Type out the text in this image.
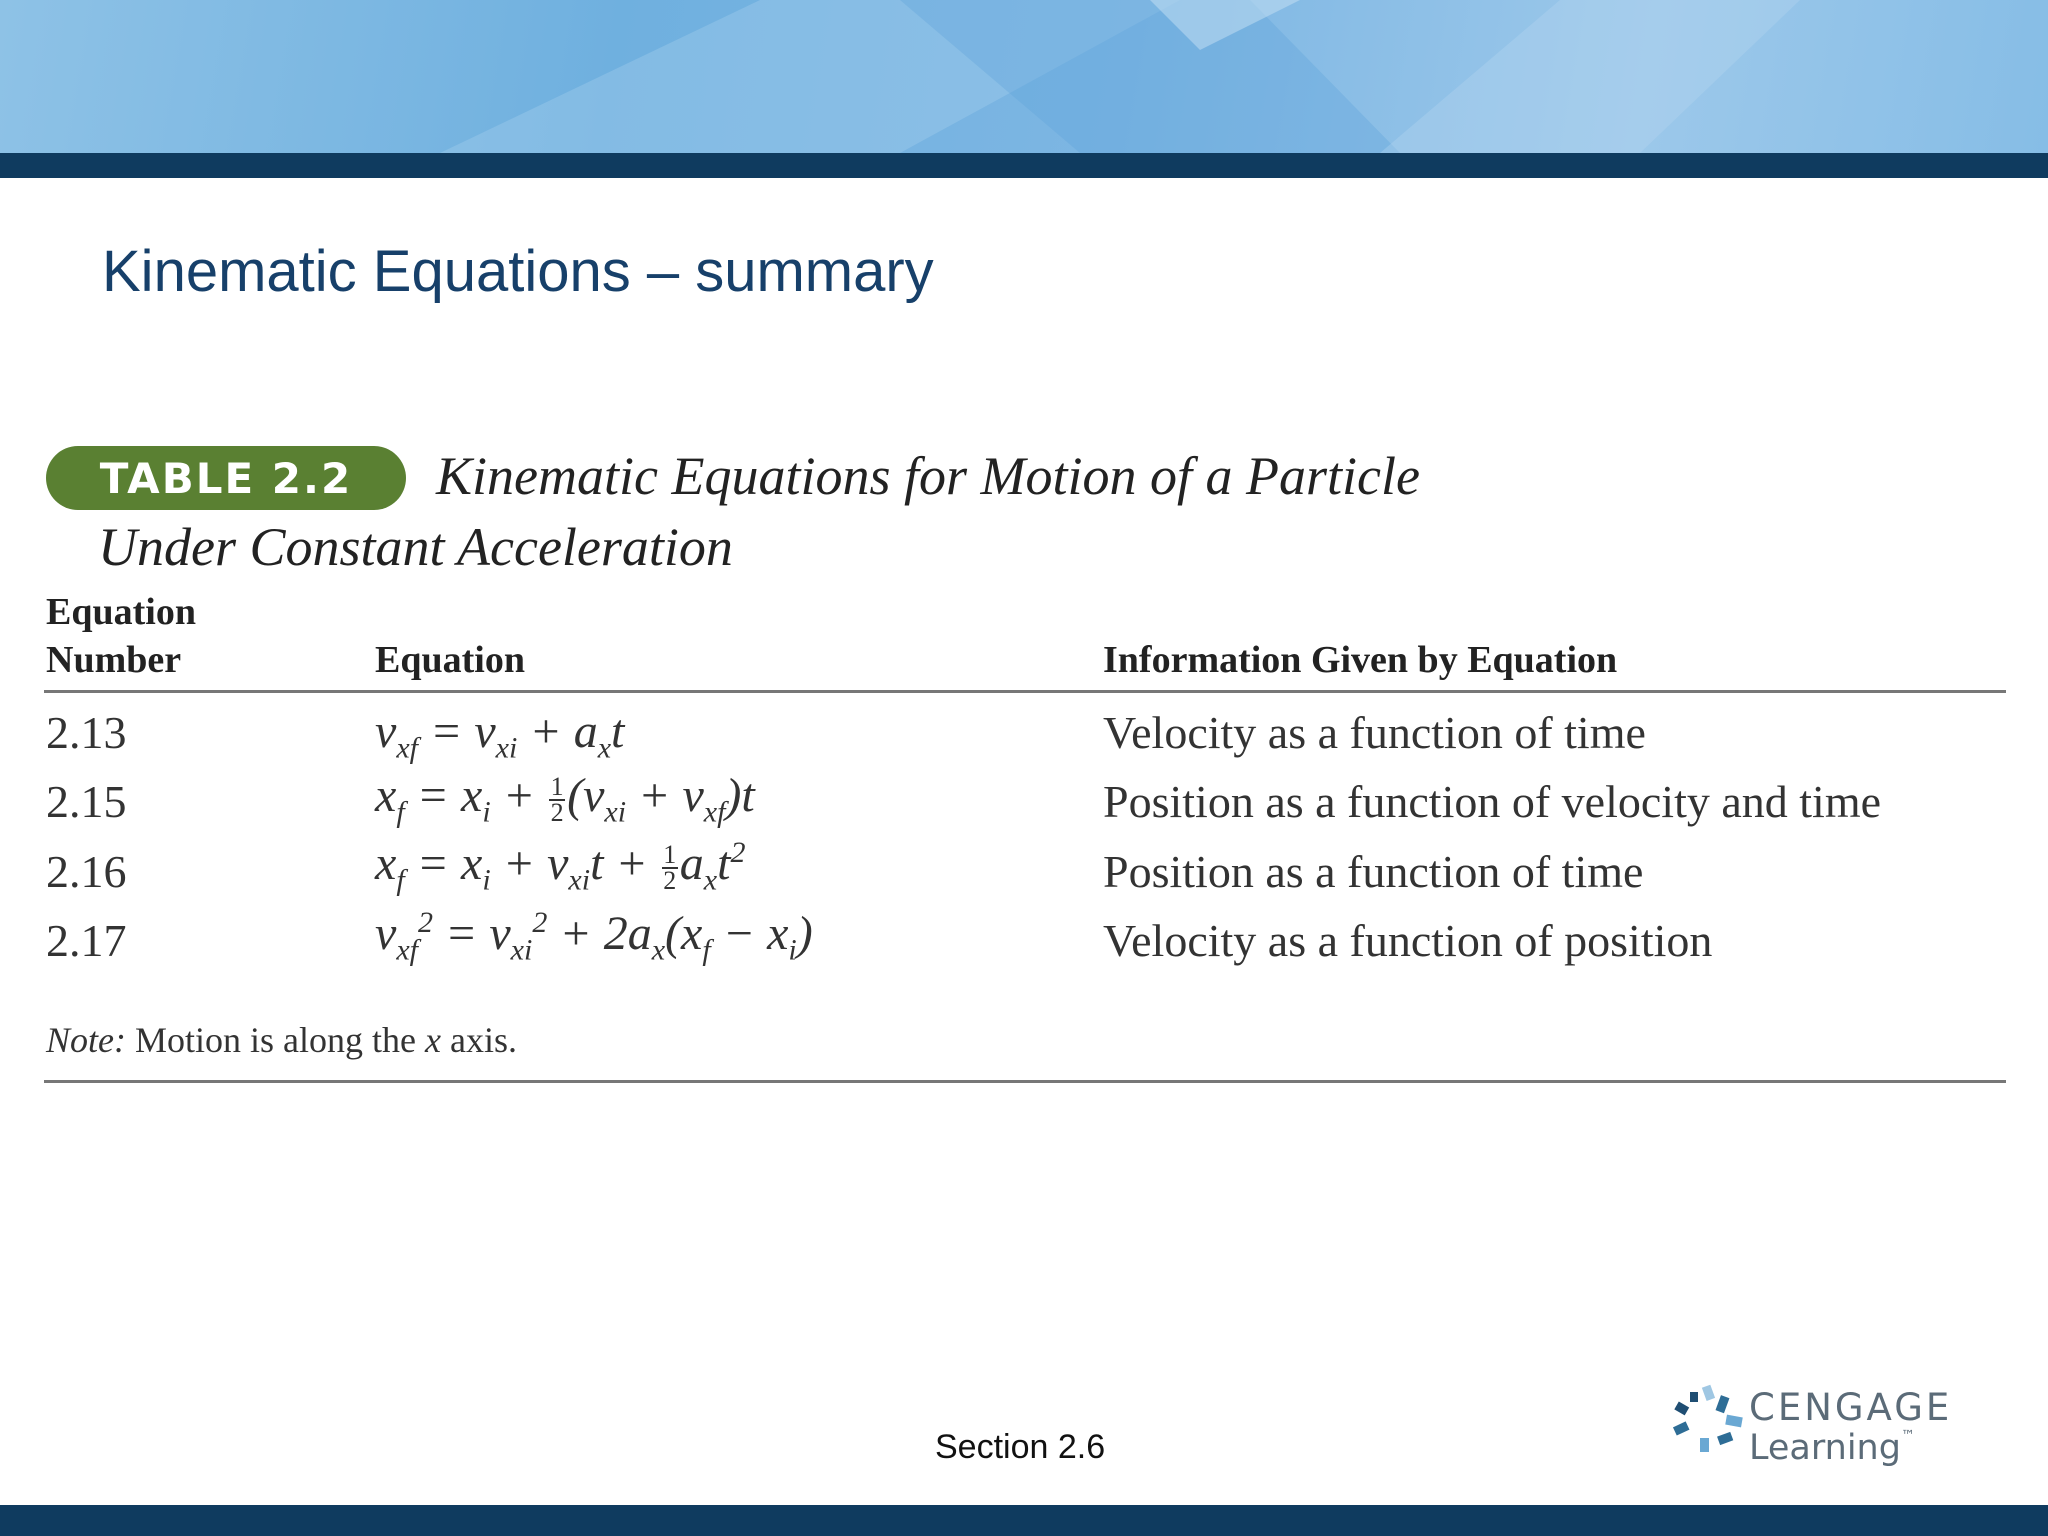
Kinematic Equations – summary
TABLE 2.2	Kinematic Equations for Motion of a Particle
Under Constant Acceleration
Equation
Number	Equation	Information Given by Equation
2.13	$v_{xf} = v_{xi} + a_xt$	Velocity as a function of time
2.15	$x_f = x_i + \frac{1}{2} (v_{xi} + v_{xf})t$	Position as a function of velocity and time
2.16	$x_f = x_i + v_{xi}t + \frac{1}{2} a_xt^2$	Position as a function of time
2.17	$v_{xf}^2 = v_{xi}^2 + 2a_x(x_f - x_i)$	Velocity as a function of position
Note: Motion is along the x axis.
Section 2.6
CENGAGE
Learning™
